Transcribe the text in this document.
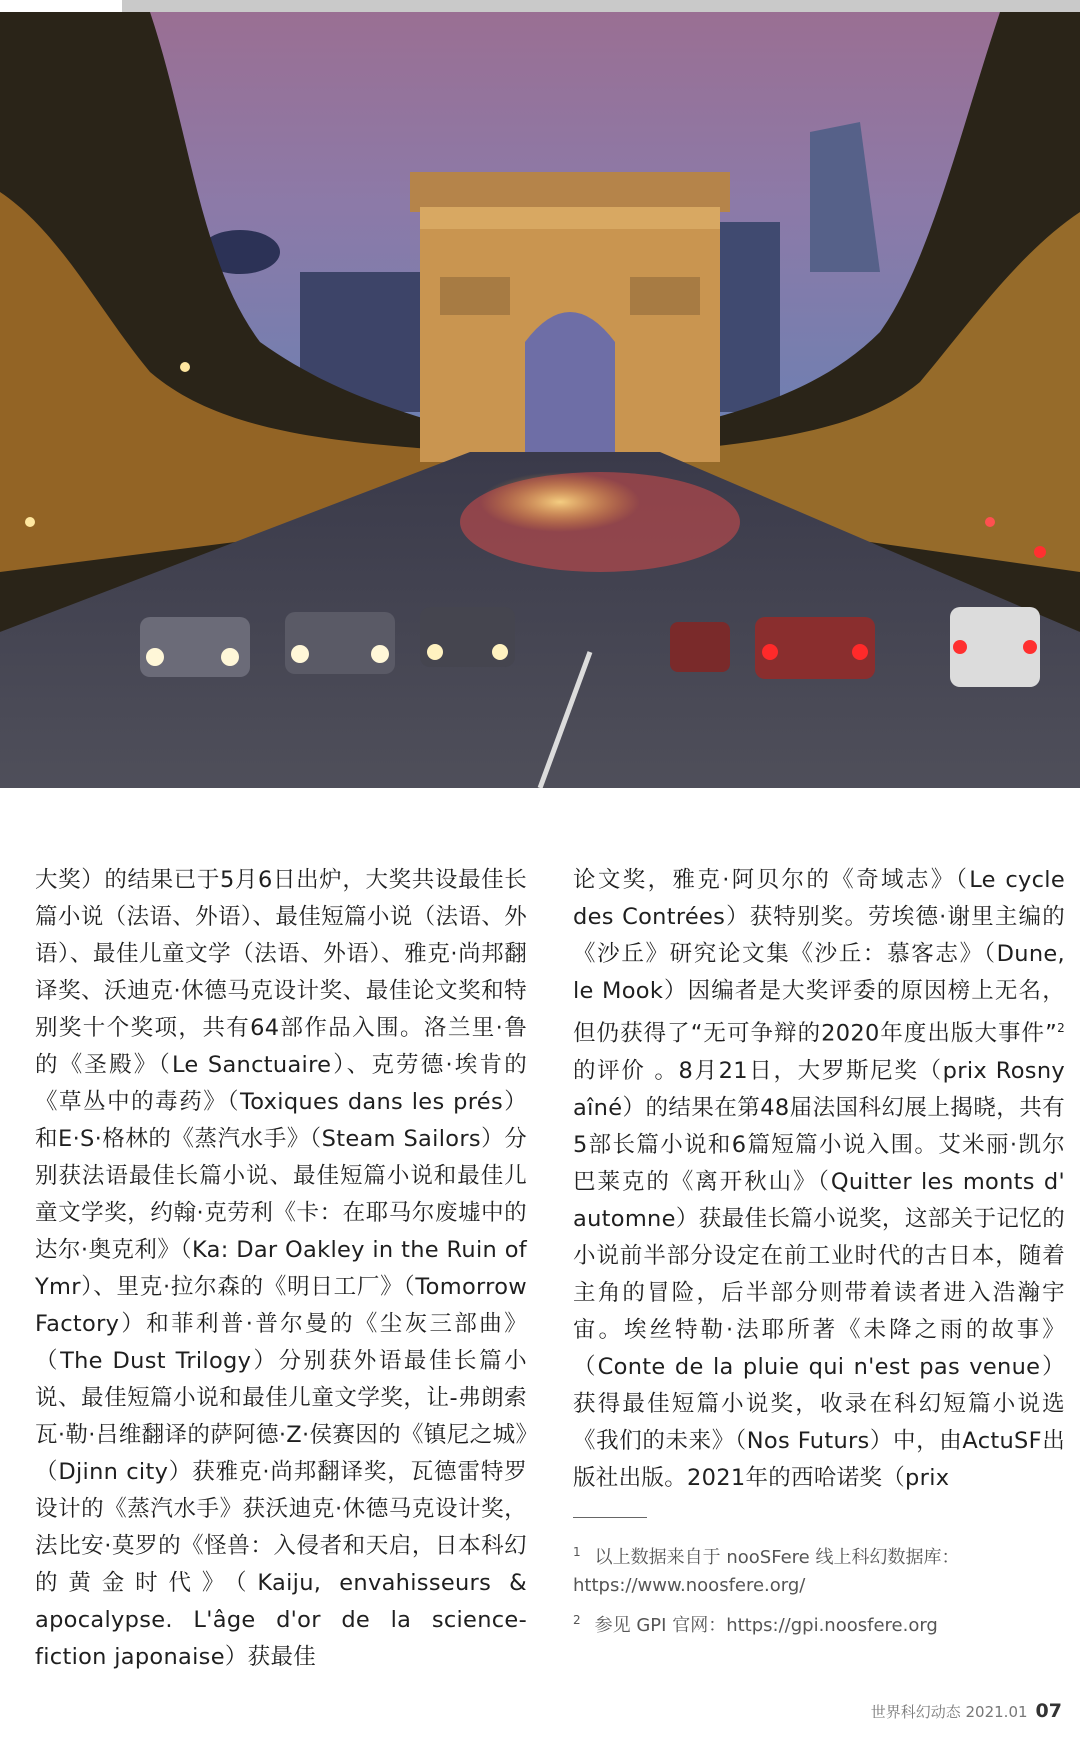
大奖）的结果已于5月6日出炉，大奖共设最佳长篇小说（法语、外语）、最佳短篇小说（法语、外语）、最佳儿童文学（法语、外语）、雅克·尚邦翻译奖、沃迪克·休德马克设计奖、最佳论文奖和特别奖十个奖项，共有64部作品入围。洛兰里·鲁的《圣殿》（Le Sanctuaire）、克劳德·埃肯的《草丛中的毒药》（Toxiques dans les prés）和E·S·格林的《蒸汽水手》（Steam Sailors）分别获法语最佳长篇小说、最佳短篇小说和最佳儿童文学奖，约翰·克劳利《卡：在耶马尔废墟中的达尔·奥克利》（Ka: Dar Oakley in the Ruin of Ymr）、里克·拉尔森的《明日工厂》（Tomorrow Factory）和菲利普·普尔曼的《尘灰三部曲》（The Dust Trilogy）分别获外语最佳长篇小说、最佳短篇小说和最佳儿童文学奖，让-弗朗索瓦·勒·吕维翻译的萨阿德·Z·侯赛因的《镇尼之城》（Djinn city）获雅克·尚邦翻译奖，瓦德雷特罗设计的《蒸汽水手》获沃迪克·休德马克设计奖，法比安·莫罗的《怪兽：入侵者和天启，日本科幻的黄金时代》（Kaiju, envahisseurs & apocalypse. L'âge d'or de la science-fiction japonaise）获最佳

论文奖，雅克·阿贝尔的《奇域志》（Le cycle des Contrées）获特别奖。劳埃德·谢里主编的《沙丘》研究论文集《沙丘：慕客志》（Dune, le Mook）因编者是大奖评委的原因榜上无名，但仍获得了“无可争辩的2020年度出版大事件”$^2$的评价 。8月21日，大罗斯尼奖（prix Rosny aîné）的结果在第48届法国科幻展上揭晓，共有5部长篇小说和6篇短篇小说入围。艾米丽·凯尔巴莱克的《离开秋山》（Quitter les monts d' automne）获最佳长篇小说奖，这部关于记忆的小说前半部分设定在前工业时代的古日本，随着主角的冒险，后半部分则带着读者进入浩瀚宇宙。埃丝特勒·法耶所著《未降之雨的故事》（Conte de la pluie qui n'est pas venue）获得最佳短篇小说奖，收录在科幻短篇小说选《我们的未来》（Nos Futurs）中，由ActuSF出版社出版。2021年的西哈诺奖（prix

$^1$ 以上数据来自于 nooSFere 线上科幻数据库：https://www.noosfere.org/

$^2$ 参见 GPI 官网：https://gpi.noosfere.org

世界科幻动态 2021.01 07
